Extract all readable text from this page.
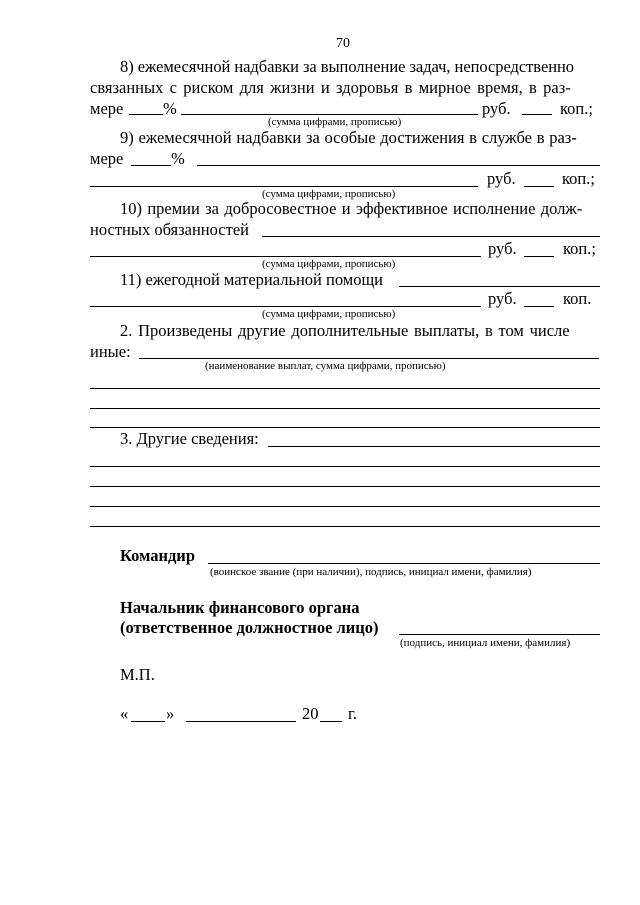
70
8) ежемесячной надбавки за выполнение задач, непосредственно
связанных с риском для жизни и здоровья в мирное время, в раз-
мере %	руб.	коп.;
(сумма цифрами, прописью)
9) ежемесячной надбавки за особые достижения в службе в раз-
мере	%
руб.	коп.;
(сумма цифрами, прописью)
10) премии за добросовестное и эффективное исполнение долж-
ностных обязанностей
руб.	коп.;
(сумма цифрами, прописью)
11) ежегодной материальной помощи
руб.	коп.
(сумма цифрами, прописью)
2. Произведены другие дополнительные выплаты, в том числе
иные:
(наименование выплат, сумма цифрами, прописью)
3. Другие сведения:
Командир
(воинское звание (при наличии), подпись, инициал имени, фамилия)
Начальник финансового органа
(ответственное должностное лицо)
(подпись, инициал имени, фамилия)
М.П.
« »	20 г.
